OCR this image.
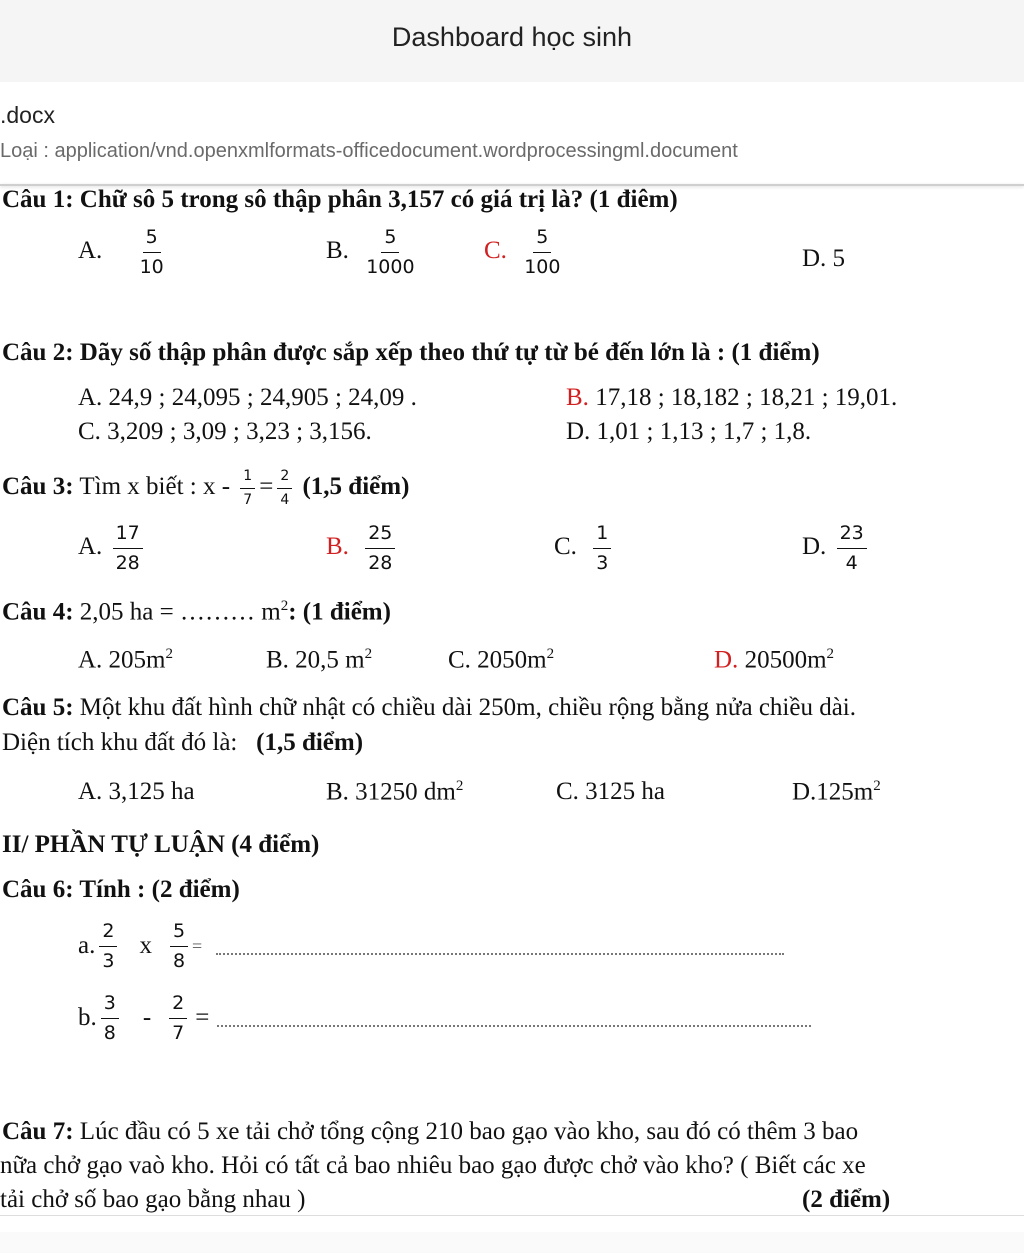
Dashboard học sinh
.docx
Loại : application/vnd.openxmlformats-officedocument.wordprocessingml.document
Câu 1: Chữ sô 5 trong sô thập phân 3,157 có giá trị là? (1 điêm)
A. $\frac{5}{10}$	B. $\frac{5}{1000}$	C. $\frac{5}{100}$	D. 5
Câu 2: Dãy số thập phân được sắp xếp theo thứ tự từ bé đến lớn là : (1 điểm)
A. 24,9 ; 24,095 ; 24,905 ; 24,09 .	B. 17,18 ; 18,182 ; 18,21 ; 19,01.
C. 3,209 ; 3,09 ; 3,23 ; 3,156.	D. 1,01 ; 1,13 ; 1,7 ; 1,8.
Câu 3: Tìm x biết : $x - \frac{1}{7} = \frac{2}{4} (1,5$ điểm)
A. $\frac{17}{28}$	B. $\frac{25}{28}$	C. $\frac{1}{3}$	D. $\frac{23}{4}$
Câu 4: 2,05 ha = ……… $m^2$: (1 điểm)
A. $205m^2$	B. 20,5 $m^2$	C. $2050m^2$	D. $20500m^2$
Câu 5: Một khu đất hình chữ nhật có chiều dài 250m, chiều rộng bằng nửa chiều dài.
Diện tích khu đất đó là: (1,5 điểm)
A. 3,125 ha	B. 31250 $dm^2$	C. 3125 ha	$D.125m^2$
II/ PHẦN TỰ LUẬN (4 điểm)
Câu 6: Tính : (2 điểm)
a. $\frac{2}{3}$ x $\frac{5}{8}$ =
b. $\frac{3}{8} - \frac{2}{7}$ =
Câu 7: Lúc đầu có 5 xe tải chở tổng cộng 210 bao gạo vào kho, sau đó có thêm 3 bao
nữa chở gạo vaò kho. Hỏi có tất cả bao nhiêu bao gạo được chở vào kho? ( Biết các xe
tải chở số bao gạo bằng nhau )	(2 điểm)
